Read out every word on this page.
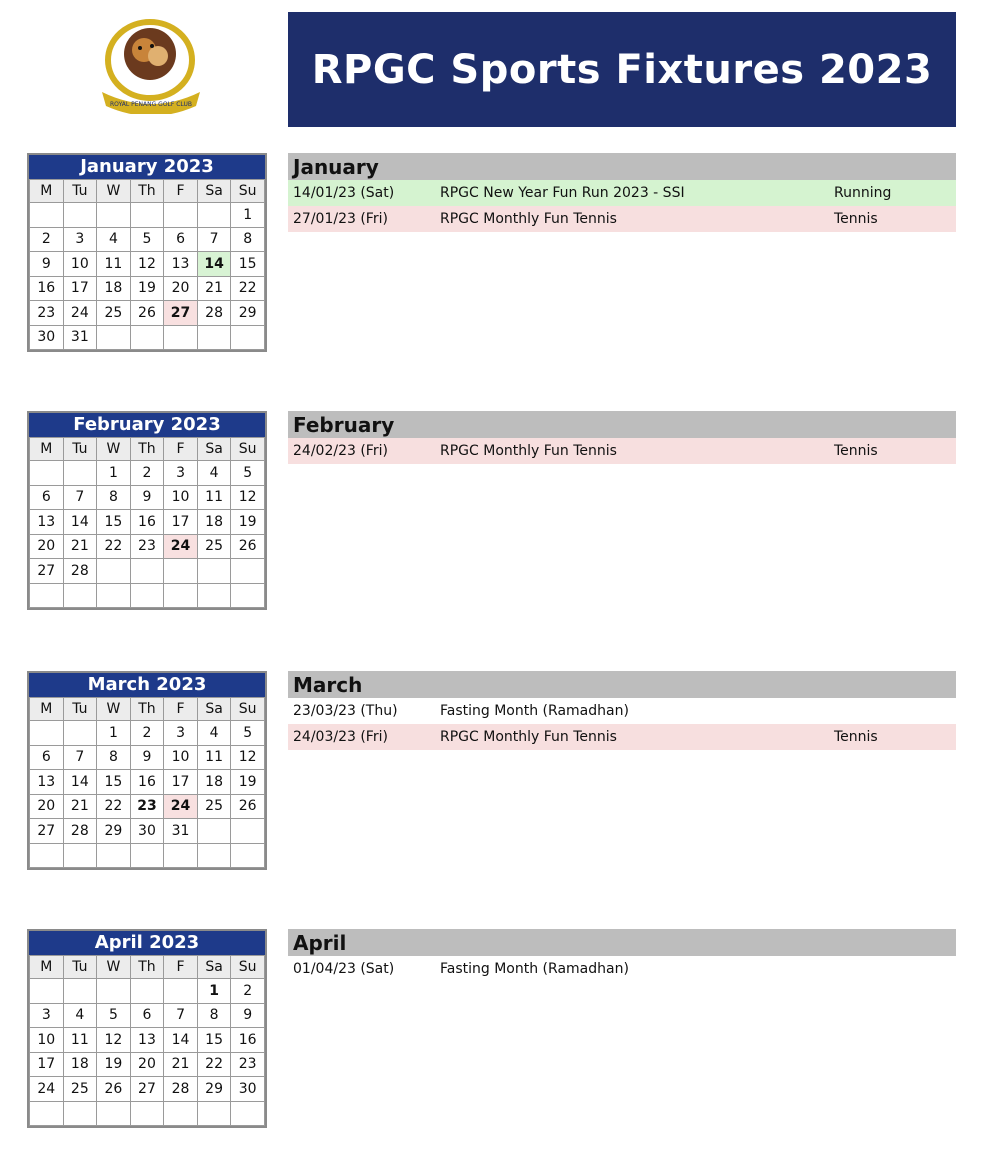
ROYAL PENANG GOLF CLUB
RPGC Sports Fixtures 2023
January 2023
M	Tu	W	Th	F	Sa	Su
						1
2	3	4	5	6	7	8
9	10	11	12	13	14	15
16	17	18	19	20	21	22
23	24	25	26	27	28	29
30	31					
January
14/01/23 (Sat)	RPGC New Year Fun Run 2023 - SSI	Running
27/01/23 (Fri)	RPGC Monthly Fun Tennis	Tennis
February 2023
M	Tu	W	Th	F	Sa	Su
		1	2	3	4	5
6	7	8	9	10	11	12
13	14	15	16	17	18	19
20	21	22	23	24	25	26
27	28					

February
24/02/23 (Fri)	RPGC Monthly Fun Tennis	Tennis
March 2023
M	Tu	W	Th	F	Sa	Su
		1	2	3	4	5
6	7	8	9	10	11	12
13	14	15	16	17	18	19
20	21	22	23	24	25	26
27	28	29	30	31		

March
23/03/23 (Thu)	Fasting Month (Ramadhan)
24/03/23 (Fri)	RPGC Monthly Fun Tennis	Tennis
April 2023
M	Tu	W	Th	F	Sa	Su
					1	2
3	4	5	6	7	8	9
10	11	12	13	14	15	16
17	18	19	20	21	22	23
24	25	26	27	28	29	30

April
01/04/23 (Sat)	Fasting Month (Ramadhan)
